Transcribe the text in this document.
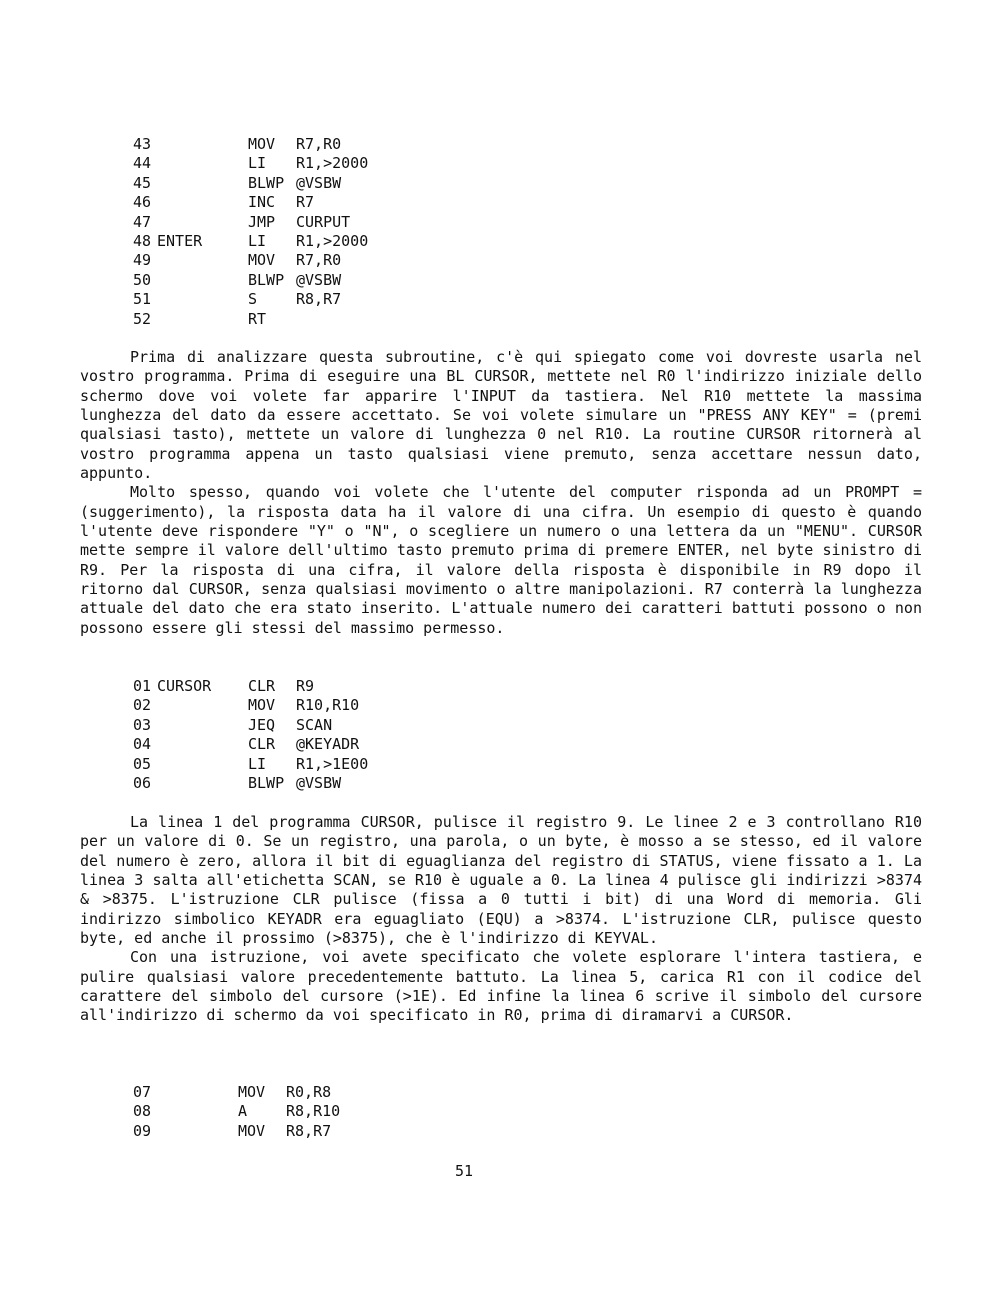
43	MOV R7,R0
44	LI R1,>2000
45	BLWP @VSBW
46	INC R7
47	JMP CURPUT
48 ENTER	LI R1,>2000
49	MOV R7,R0
50	BLWP @VSBW
51	S	R8,R7
52	RT

Prima di analizzare questa subroutine, c'è qui spiegato come voi dovreste usarla nel vostro programma. Prima di eseguire una BL CURSOR, mettete nel R0 l'indirizzo iniziale dello schermo dove voi volete far apparire l'INPUT da tastiera. Nel R10 mettete la massima lunghezza del dato da essere accettato. Se voi volete simulare un "PRESS ANY KEY" = (premi qualsiasi tasto), mettete un valore di lunghezza 0 nel R10. La routine CURSOR ritornerà al vostro programma appena un tasto qualsiasi viene premuto, senza accettare nessun dato, appunto.

Molto spesso, quando voi volete che l'utente del computer risponda ad un PROMPT = (suggerimento), la risposta data ha il valore di una cifra. Un esempio di questo è quando l'utente deve rispondere "Y" o "N", o scegliere un numero o una lettera da un "MENU". CURSOR mette sempre il valore dell'ultimo tasto premuto prima di premere ENTER, nel byte sinistro di R9. Per la risposta di una cifra, il valore della risposta è disponibile in R9 dopo il ritorno dal CURSOR, senza qualsiasi movimento o altre manipolazioni. R7 conterrà la lunghezza attuale del dato che era stato inserito. L'attuale numero dei caratteri battuti possono o non possono essere gli stessi del massimo permesso.

01 CURSOR CLR R9
02	MOV R10,R10
03	JEQ SCAN
04	CLR @KEYADR
05	LI R1,>1E00
06	BLWP @VSBW

La linea 1 del programma CURSOR, pulisce il registro 9. Le linee 2 e 3 controllano R10 per un valore di 0. Se un registro, una parola, o un byte, è mosso a se stesso, ed il valore del numero è zero, allora il bit di eguaglianza del registro di STATUS, viene fissato a 1. La linea 3 salta all'etichetta SCAN, se R10 è uguale a 0. La linea 4 pulisce gli indirizzi >8374 & >8375. L'istruzione CLR pulisce (fissa a 0 tutti i bit) di una Word di memoria. Gli indirizzo simbolico KEYADR era eguagliato (EQU) a >8374. L'istruzione CLR, pulisce questo byte, ed anche il prossimo (>8375), che è l'indirizzo di KEYVAL.

Con una istruzione, voi avete specificato che volete esplorare l'intera tastiera, e pulire qualsiasi valore precedentemente battuto. La linea 5, carica R1 con il codice del carattere del simbolo del cursore (>1E). Ed infine la linea 6 scrive il simbolo del cursore all'indirizzo di schermo da voi specificato in R0, prima di diramarvi a CURSOR.

07	MOV R0,R8
08	A	R8,R10
09	MOV R8,R7
51
